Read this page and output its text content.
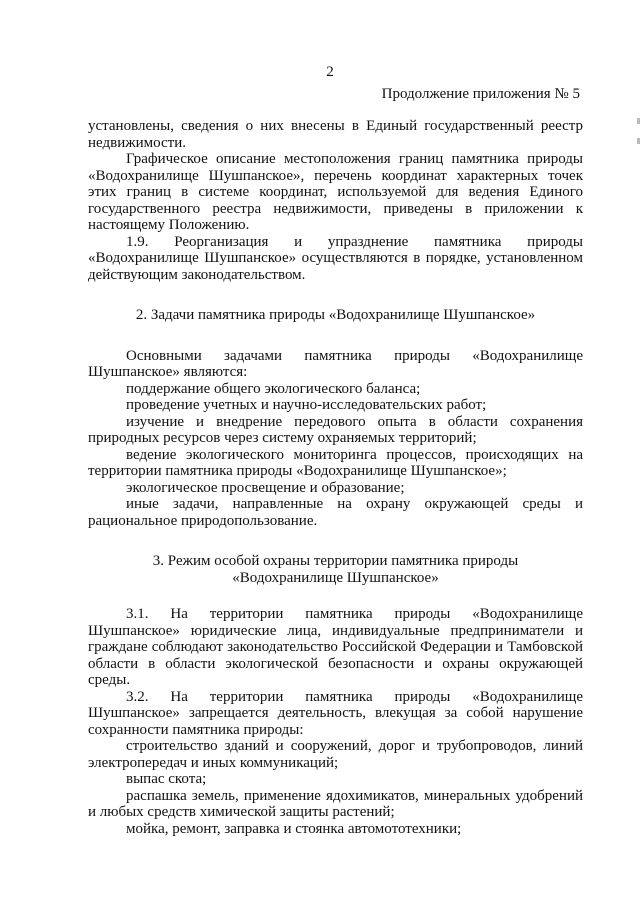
2
Продолжение приложения № 5

установлены, сведения о них внесены в Единый государственный реестр недвижимости.

Графическое описание местоположения границ памятника природы «Водохранилище Шушпанское», перечень координат характерных точек этих границ в системе координат, используемой для ведения Единого государственного реестра недвижимости, приведены в приложении к настоящему Положению.

1.9. Реорганизация и упразднение памятника природы «Водохранилище Шушпанское» осуществляются в порядке, установленном действующим законодательством.

2. Задачи памятника природы «Водохранилище Шушпанское»

Основными задачами памятника природы «Водохранилище Шушпанское» являются:

поддержание общего экологического баланса;

проведение учетных и научно-исследовательских работ;

изучение и внедрение передового опыта в области сохранения природных ресурсов через систему охраняемых территорий;

ведение экологического мониторинга процессов, происходящих на территории памятника природы «Водохранилище Шушпанское»;

экологическое просвещение и образование;

иные задачи, направленные на охрану окружающей среды и рациональное природопользование.

3. Режим особой охраны территории памятника природы

«Водохранилище Шушпанское»

3.1. На территории памятника природы «Водохранилище Шушпанское» юридические лица, индивидуальные предприниматели и граждане соблюдают законодательство Российской Федерации и Тамбовской области в области экологической безопасности и охраны окружающей среды.

3.2. На территории памятника природы «Водохранилище Шушпанское» запрещается деятельность, влекущая за собой нарушение сохранности памятника природы:

строительство зданий и сооружений, дорог и трубопроводов, линий электропередач и иных коммуникаций;

выпас скота;

распашка земель, применение ядохимикатов, минеральных удобрений и любых средств химической защиты растений;

мойка, ремонт, заправка и стоянка автомототехники;
